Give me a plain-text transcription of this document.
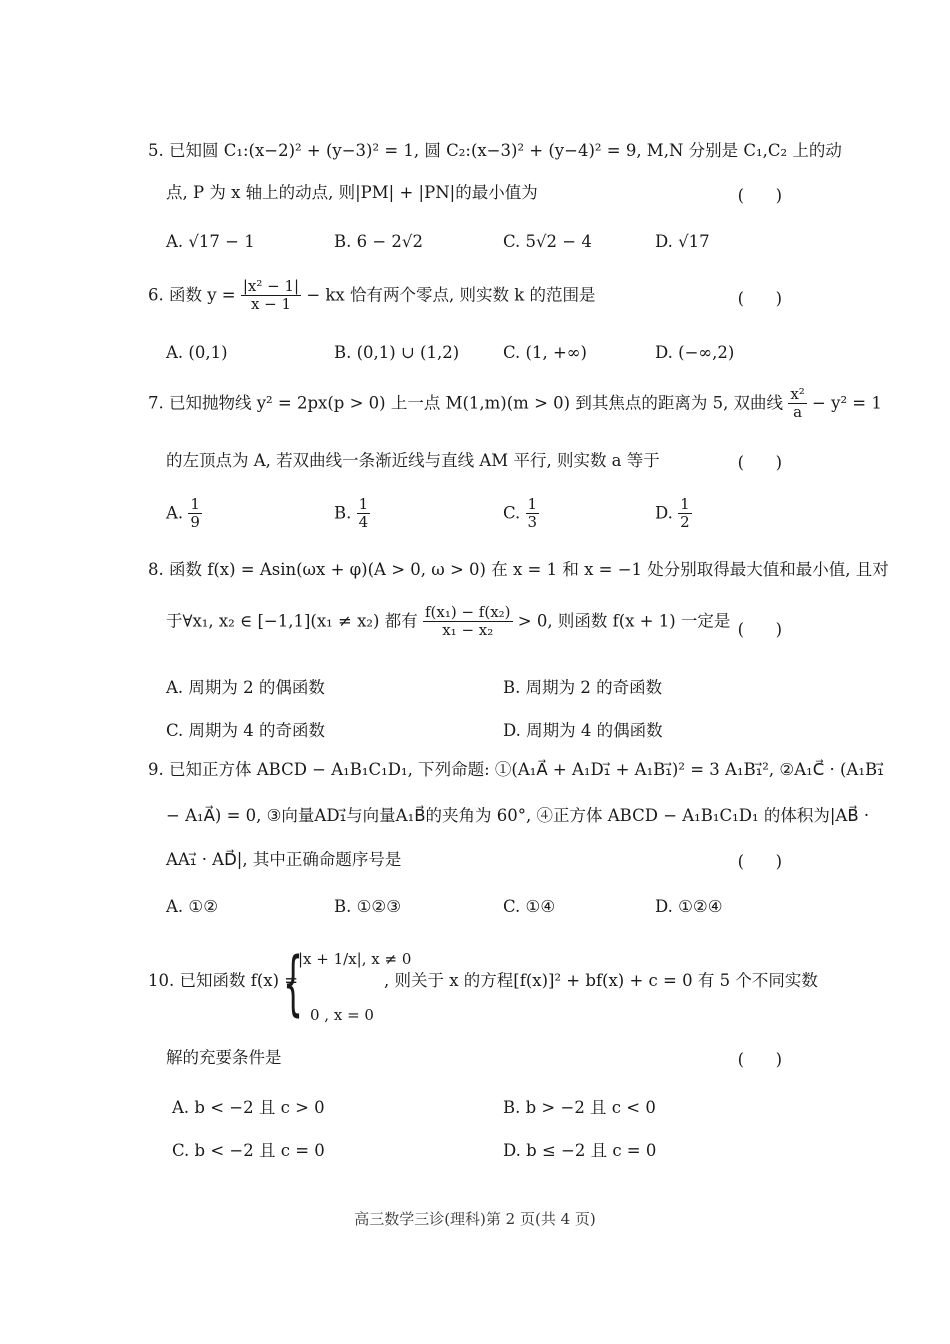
5. 已知圆 C₁:(x−2)² + (y−3)² = 1, 圆 C₂:(x−3)² + (y−4)² = 9, M,N 分别是 C₁,C₂ 上的动
点, P 为 x 轴上的动点, 则|PM| + |PN|的最小值为	(      )
A. √17 − 1	B. 6 − 2√2	C. 5√2 − 4	D. √17
6. 函数 $y = \frac{\text{|x² − 1|}}{x - 1}$ − kx 恰有两个零点, 则实数 k 的范围是	(      )
A. (0,1)	B. (0,1) ∪ (1,2)	C. (1, +∞)	D. (−∞,2)
7. 已知抛物线 y² = 2px(p > 0) 上一点 M(1,m)(m > 0) 到其焦点的距离为 5, 双曲线 $\frac{\text{x²}}{a} - y^2 = 1$
的左顶点为 A, 若双曲线一条渐近线与直线 AM 平行, 则实数 a 等于	(      )
A. $\frac{1}{9}$	B. $\frac{1}{4}$	C. $\frac{1}{3}$	D. $\frac{1}{2}$
8. 函数 f(x) = Asin(ωx + φ)(A > 0, ω > 0) 在 x = 1 和 x = −1 处分别取得最大值和最小值, 且对
于∀x₁, x₂ ∈ [−1,1](x₁ ≠ x₂) 都有 $\frac{\text{f(x₁) − f(x₂)}}{\text{x₁ − x₂}} > 0$, 则函数 f(x + 1) 一定是 (      )
A. 周期为 2 的偶函数	B. 周期为 2 的奇函数
C. 周期为 4 的奇函数	D. 周期为 4 的偶函数
9. 已知正方体 ABCD − A₁B₁C₁D₁, 下列命题: ①(A₁A⃗ + A₁D₁⃗ + A₁B₁⃗)² = 3 A₁B₁⃗², ②A₁C⃗ · (A₁B₁⃗
− A₁A⃗) = 0, ③向量AD₁⃗与向量A₁B⃗的夹角为 60°, ④正方体 ABCD − A₁B₁C₁D₁ 的体积为|AB⃗ ·
AA₁⃗ · AD⃗|, 其中正确命题序号是	(      )
A. ①②	B. ①②③	C. ①④	D. ①②④
10. 已知函数 f(x) =
{
|x + 1/x|, x ≠ 0
0 , x = 0
, 则关于 x 的方程[f(x)]² + bf(x) + c = 0 有 5 个不同实数
解的充要条件是	(      )
A. b < −2 且 c > 0	B. b > −2 且 c < 0
C. b < −2 且 c = 0	D. b ≤ −2 且 c = 0
高三数学三诊(理科)第 2 页(共 4 页)
